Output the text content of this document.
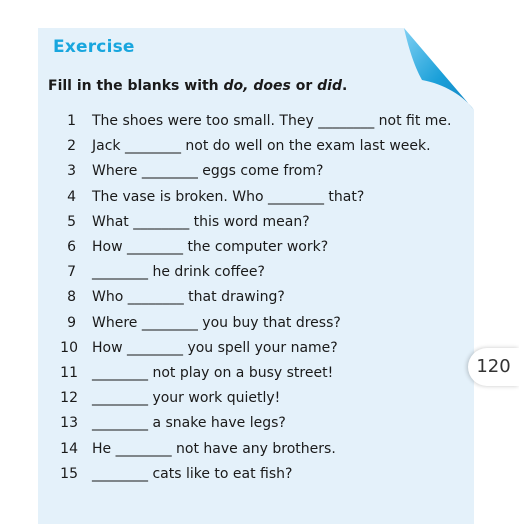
Exercise

Fill in the blanks with do, does or did.

1 The shoes were too small. They ________ not fit me.
2 Jack ________ not do well on the exam last week.
3 Where ________ eggs come from?
4 The vase is broken. Who ________ that?
5 What ________ this word mean?
6 How ________ the computer work?
7 ________ he drink coffee?
8 Who ________ that drawing?
9 Where ________ you buy that dress?
10 How ________ you spell your name?
11 ________ not play on a busy street!
12 ________ your work quietly!
13 ________ a snake have legs?
14 He ________ not have any brothers.
15 ________ cats like to eat fish?
120
